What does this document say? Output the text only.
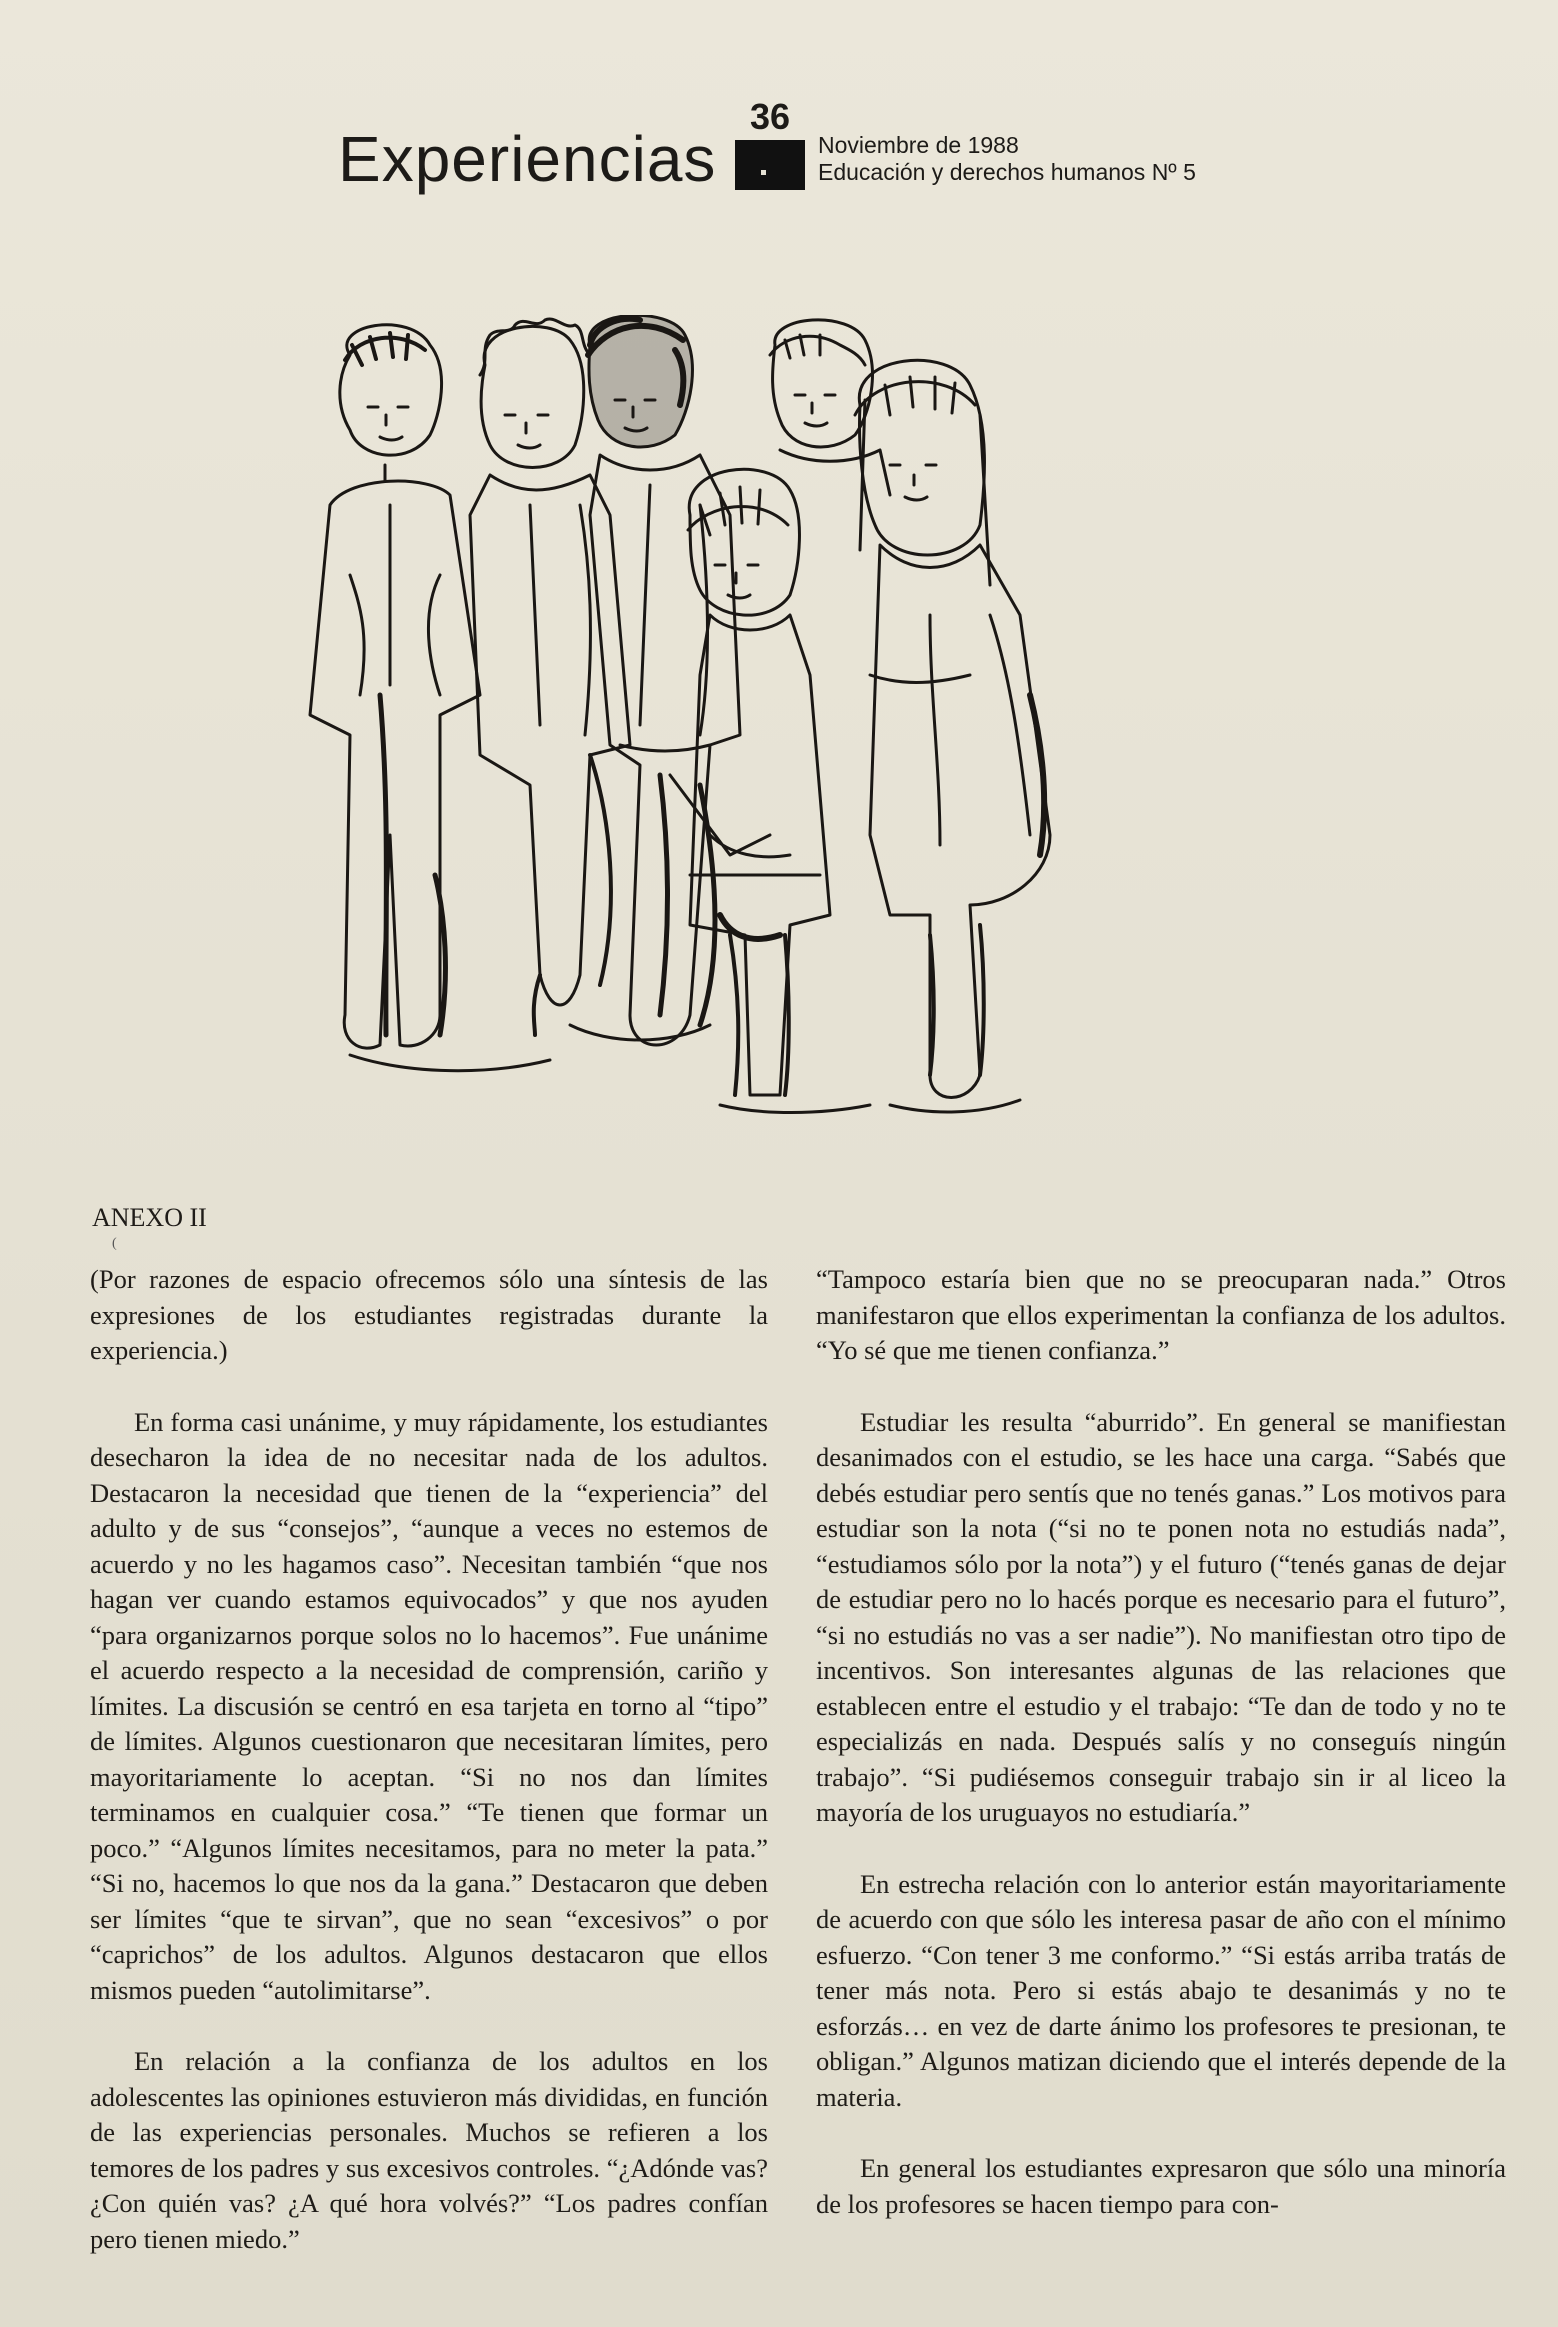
36
Experiencias	Noviembre de 1988
Educación y derechos humanos Nº 5
ANEXO II
(

(Por razones de espacio ofrecemos sólo una síntesis de las expresiones de los estudiantes registradas durante la experiencia.)

En forma casi unánime, y muy rápidamente, los estudiantes desecharon la idea de no necesitar nada de los adultos. Destacaron la necesidad que tienen de la “experiencia” del adulto y de sus “consejos”, “aunque a veces no estemos de acuerdo y no les hagamos caso”. Necesitan también “que nos hagan ver cuando estamos equivocados” y que nos ayuden “para organizarnos porque solos no lo hacemos”. Fue unánime el acuerdo respecto a la necesidad de comprensión, cariño y límites. La discusión se centró en esa tarjeta en torno al “tipo” de límites. Algunos cuestionaron que necesitaran límites, pero mayoritariamente lo aceptan. “Si no nos dan límites terminamos en cualquier cosa.” “Te tienen que formar un poco.” “Algunos límites necesitamos, para no meter la pata.” “Si no, hacemos lo que nos da la gana.” Destacaron que deben ser límites “que te sirvan”, que no sean “excesivos” o por “caprichos” de los adultos. Algunos destacaron que ellos mismos pueden “autolimitarse”.

En relación a la confianza de los adultos en los adolescentes las opiniones estuvieron más divididas, en función de las experiencias personales. Muchos se refieren a los temores de los padres y sus excesivos controles. “¿Adónde vas? ¿Con quién vas? ¿A qué hora volvés?” “Los padres confían pero tienen miedo.”

“Tampoco estaría bien que no se preocuparan nada.” Otros manifestaron que ellos experimentan la confianza de los adultos. “Yo sé que me tienen confianza.”

Estudiar les resulta “aburrido”. En general se manifiestan desanimados con el estudio, se les hace una carga. “Sabés que debés estudiar pero sentís que no tenés ganas.” Los motivos para estudiar son la nota (“si no te ponen nota no estudiás nada”, “estudiamos sólo por la nota”) y el futuro (“tenés ganas de dejar de estudiar pero no lo hacés porque es necesario para el futuro”, “si no estudiás no vas a ser nadie”). No manifiestan otro tipo de incentivos. Son interesantes algunas de las relaciones que establecen entre el estudio y el trabajo: “Te dan de todo y no te especializás en nada. Después salís y no conseguís ningún trabajo”. “Si pudiésemos conseguir trabajo sin ir al liceo la mayoría de los uruguayos no estudiaría.”

En estrecha relación con lo anterior están mayoritariamente de acuerdo con que sólo les interesa pasar de año con el mínimo esfuerzo. “Con tener 3 me conformo.” “Si estás arriba tratás de tener más nota. Pero si estás abajo te desanimás y no te esforzás… en vez de darte ánimo los profesores te presionan, te obligan.” Algunos matizan diciendo que el interés depende de la materia.

En general los estudiantes expresaron que sólo una minoría de los profesores se hacen tiempo para con-
